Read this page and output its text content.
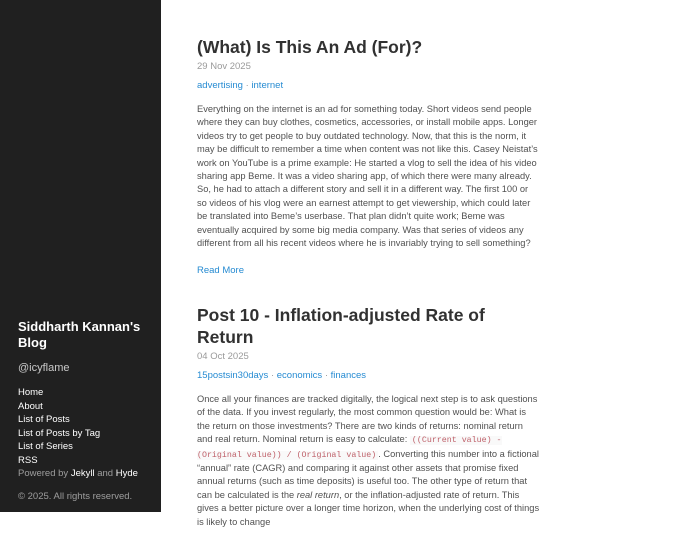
Siddharth Kannan's Blog
@icyflame
Home
About
List of Posts
List of Posts by Tag
List of Series
RSS
Powered by Jekyll and Hyde
© 2025. All rights reserved.
(What) Is This An Ad (For)?
29 Nov 2025
advertising · internet

Everything on the internet is an ad for something today. Short videos send people where they can buy clothes, cosmetics, accessories, or install mobile apps. Longer videos try to get people to buy outdated technology. Now, that this is the norm, it may be difficult to remember a time when content was not like this. Casey Neistat’s work on YouTube is a prime example: He started a vlog to sell the idea of his video sharing app Beme. It was a video sharing app, of which there were many already. So, he had to attach a different story and sell it in a different way. The first 100 or so videos of his vlog were an earnest attempt to get viewership, which could later be translated into Beme’s userbase. That plan didn’t quite work; Beme was eventually acquired by some big media company. Was that series of videos any different from all his recent videos where he is invariably trying to sell something?

Read More
Post 10 - Inflation-adjusted Rate of Return
04 Oct 2025
15postsin30days · economics · finances

Once all your finances are tracked digitally, the logical next step is to ask questions of the data. If you invest regularly, the most common question would be: What is the return on those investments? There are two kinds of returns: nominal return and real return. Nominal return is easy to calculate: ((Current value) - (Original value)) / (Original value) . Converting this number into a fictional “annual” rate (CAGR) and comparing it against other assets that promise fixed annual returns (such as time deposits) is useful too. The other type of return that can be calculated is the real return, or the inflation-adjusted rate of return. This gives a better picture over a longer time horizon, when the underlying cost of things is likely to change
